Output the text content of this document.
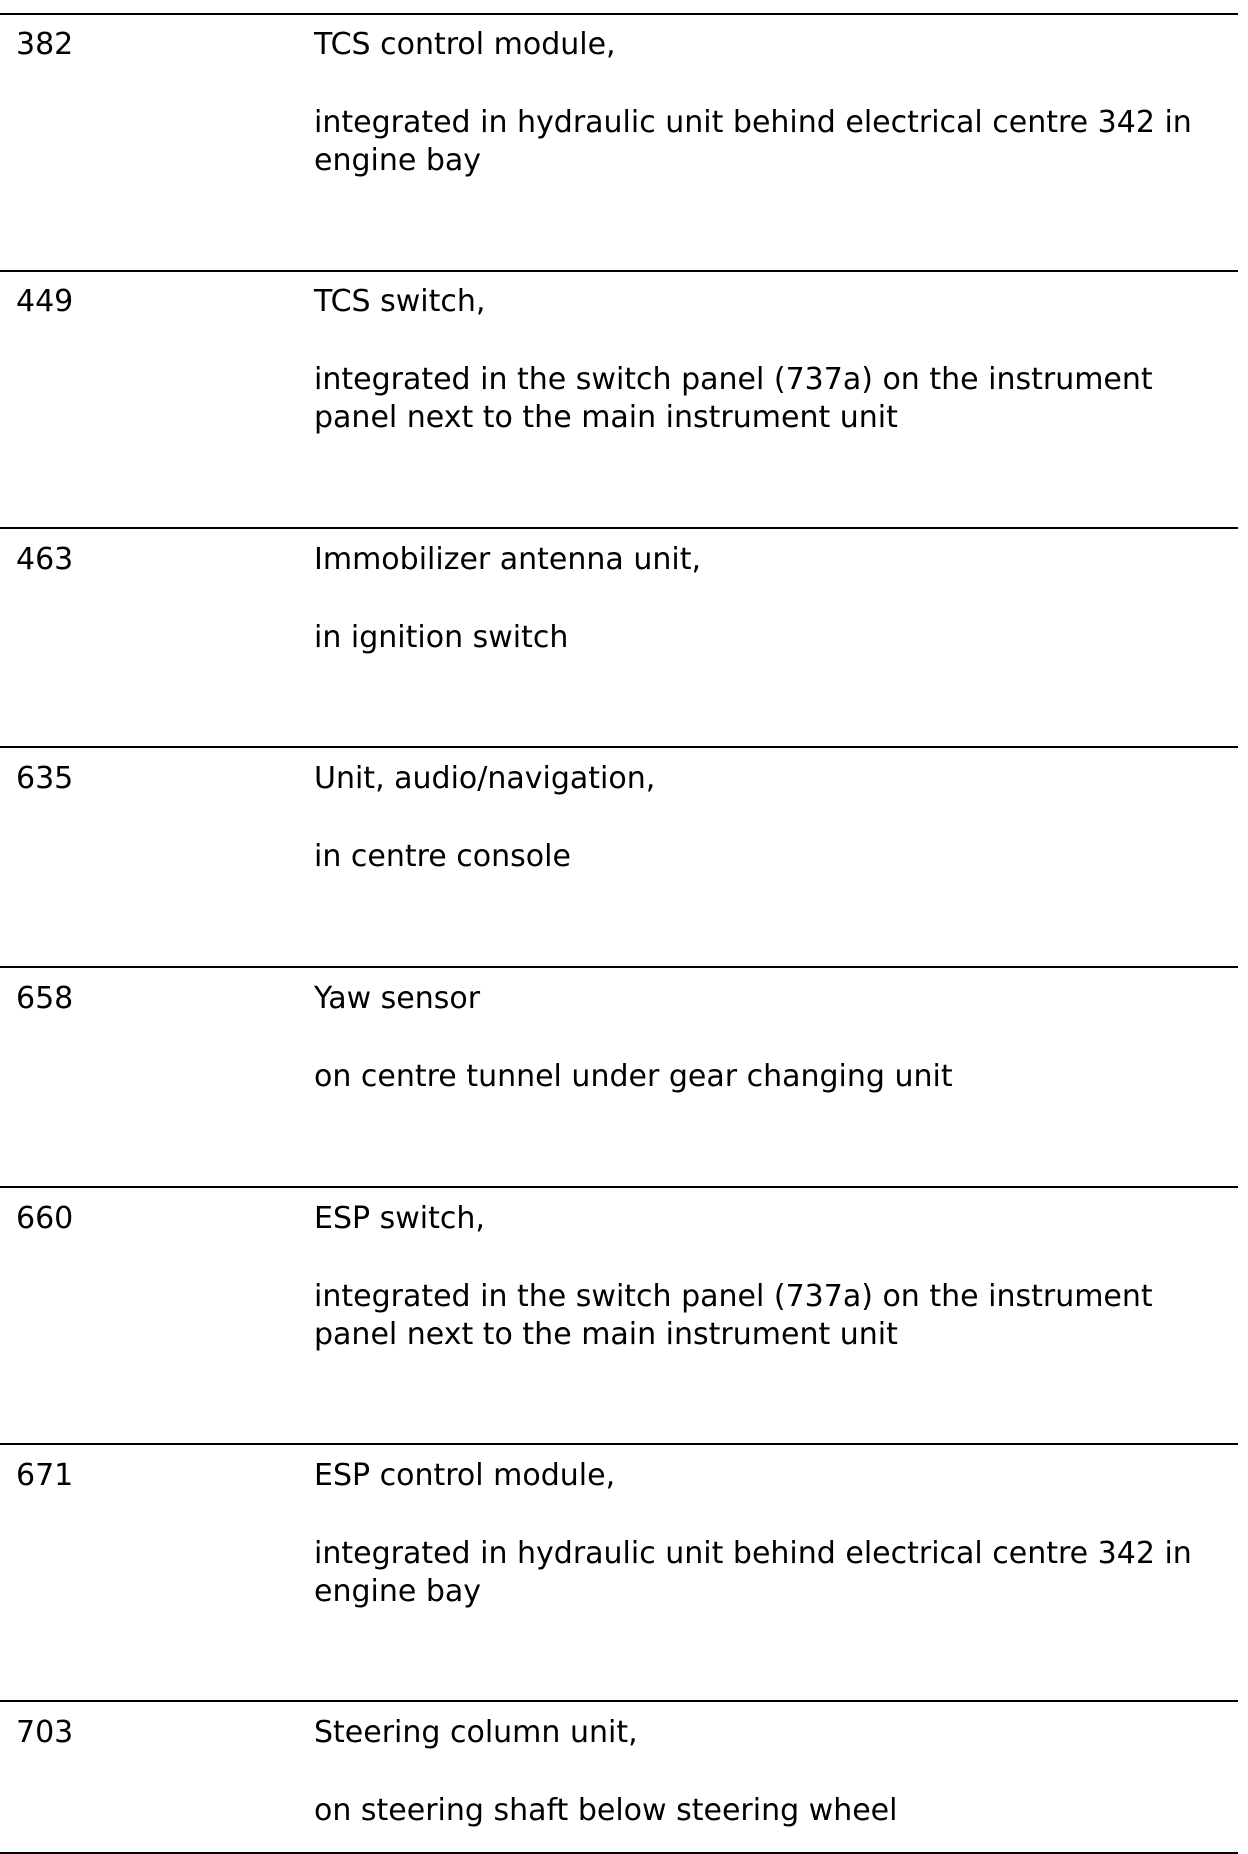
382	TCS control module,
integrated in hydraulic unit behind electrical centre 342 in
engine bay
449	TCS switch,
integrated in the switch panel (737a) on the instrument
panel next to the main instrument unit
463	Immobilizer antenna unit,
in ignition switch
635	Unit, audio/navigation,
in centre console
658	Yaw sensor
on centre tunnel under gear changing unit
660	ESP switch,
integrated in the switch panel (737a) on the instrument
panel next to the main instrument unit
671	ESP control module,
integrated in hydraulic unit behind electrical centre 342 in
engine bay
703	Steering column unit,
on steering shaft below steering wheel
